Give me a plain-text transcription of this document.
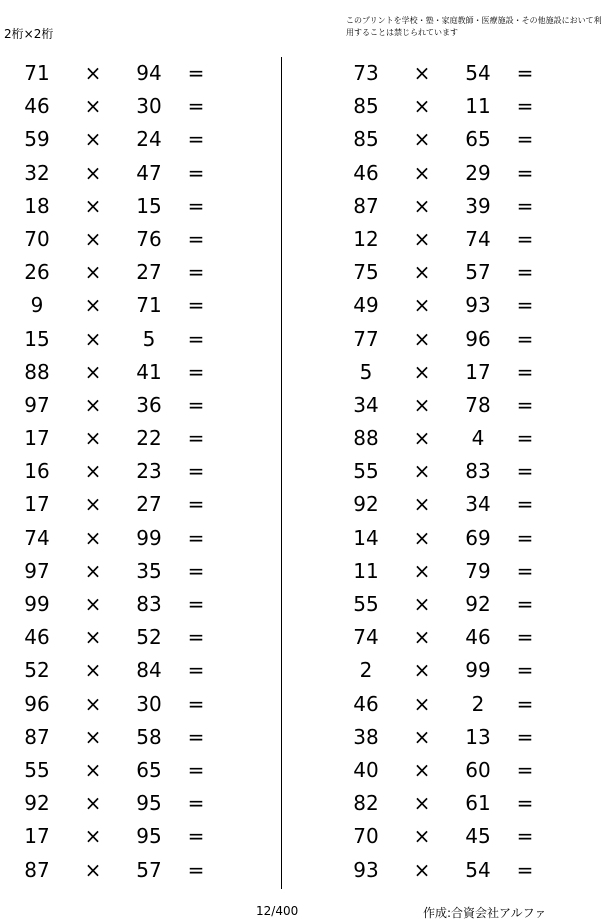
2桁×2桁
このプリントを学校・塾・家庭教師・医療施設・その他施設において利用することは禁じられています
71	×	94	=
46	×	30	=
59	×	24	=
32	×	47	=
18	×	15	=
70	×	76	=
26	×	27	=
9	×	71	=
15	×	5	=
88	×	41	=
97	×	36	=
17	×	22	=
16	×	23	=
17	×	27	=
74	×	99	=
97	×	35	=
99	×	83	=
46	×	52	=
52	×	84	=
96	×	30	=
87	×	58	=
55	×	65	=
92	×	95	=
17	×	95	=
87	×	57	=
73	×	54	=
85	×	11	=
85	×	65	=
46	×	29	=
87	×	39	=
12	×	74	=
75	×	57	=
49	×	93	=
77	×	96	=
5	×	17	=
34	×	78	=
88	×	4	=
55	×	83	=
92	×	34	=
14	×	69	=
11	×	79	=
55	×	92	=
74	×	46	=
2	×	99	=
46	×	2	=
38	×	13	=
40	×	60	=
82	×	61	=
70	×	45	=
93	×	54	=
12/400	作成:合資会社アルファ
